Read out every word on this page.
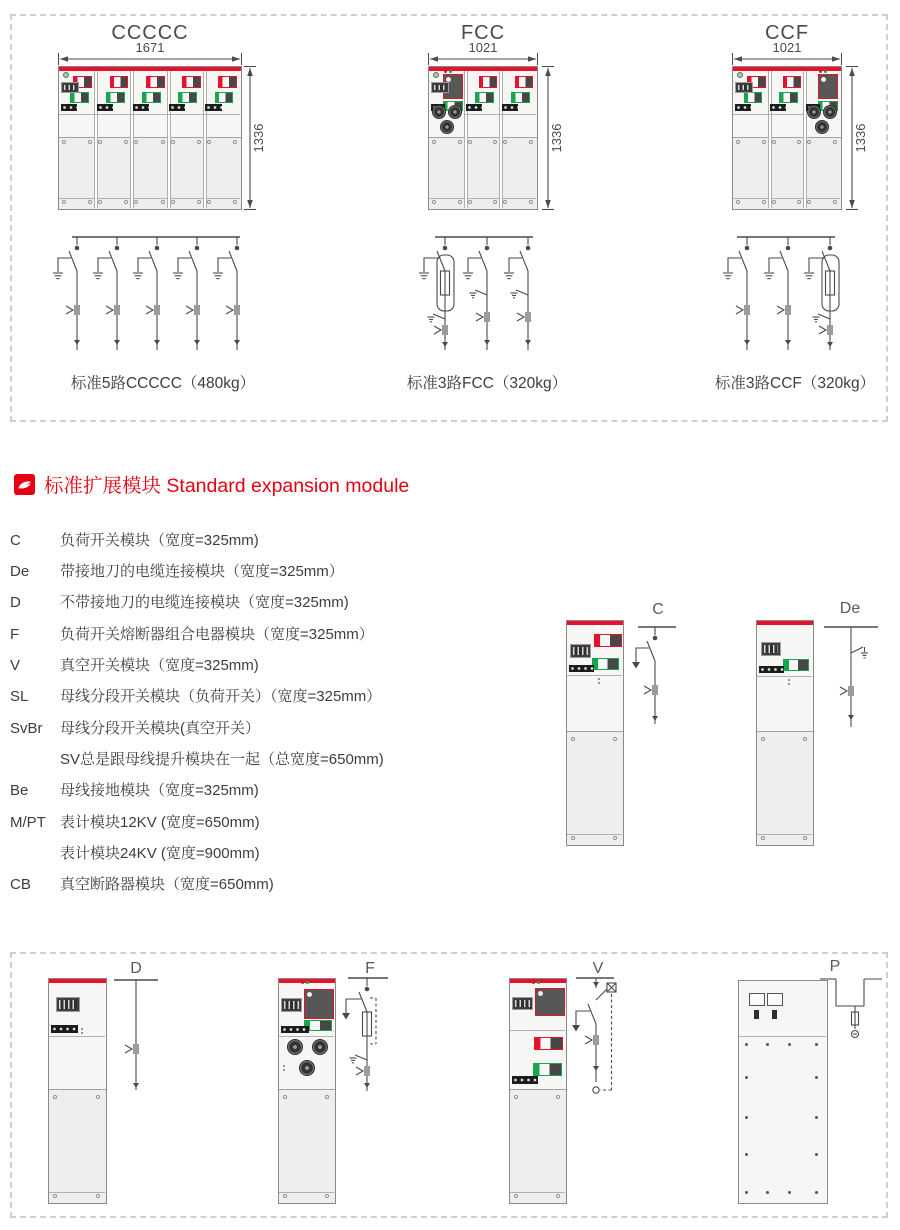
CCCCC	FCC	CCF
1671	1021	1021
1336	1336	1336
标准5路CCCCC（480kg）	标准3路FCC（320kg）	标准3路CCF（320kg）
标准扩展模块 Standard expansion module
C	负荷开关模块（宽度=325mm)
De 带接地刀的电缆连接模块（宽度=325mm）
D	不带接地刀的电缆连接模块（宽度=325mm)
F	负荷开关熔断器组合电器模块（宽度=325mm）
V	真空开关模块（宽度=325mm)
SL 母线分段开关模块（负荷开关）（宽度=325mm）
SvBr 母线分段开关模块(真空开关）
SV总是跟母线提升模块在一起（总宽度=650mm)
Be 母线接地模块（宽度=325mm)
M/PT 表计模块12KV (宽度=650mm)
表计模块24KV (宽度=900mm)
CB 真空断路器模块（宽度=650mm)
C	De
D	F	V	P
